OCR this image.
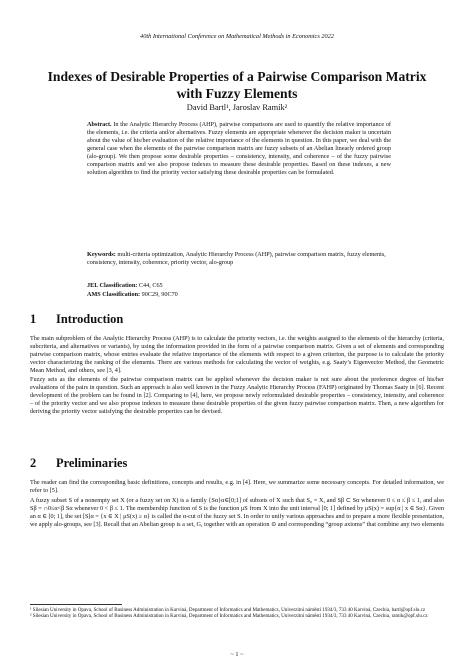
40th International Conference on Mathematical Methods in Economics 2022
Indexes of Desirable Properties of a Pairwise Comparison Matrix with Fuzzy Elements
David Bartl¹, Jaroslav Ramík²
Abstract. In the Analytic Hierarchy Process (AHP), pairwise comparisons are used to quantify the relative importance of the elements, i.e. the criteria and/or alternatives. Fuzzy elements are appropriate whenever the decision maker is uncertain about the value of his/her evaluation of the relative importance of the elements in question. In this paper, we deal with the general case when the elements of the pairwise comparison matrix are fuzzy subsets of an Abelian linearly ordered group (alo-group). We then propose some desirable properties – consistency, intensity, and coherence – of the fuzzy pairwise comparison matrix and we also propose indexes to measure these desirable properties. Based on these indexes, a new solution algorithm to find the priority vector satisfying these desirable properties can be formulated.
Keywords: multi-criteria optimization, Analytic Hierarchy Process (AHP), pairwise comparison matrix, fuzzy elements, consistency, intensity, coherence, priority vector, alo-group
JEL Classification: C44, C65
AMS Classification: 90C29, 90C70
1 Introduction
The main subproblem of the Analytic Hierarchy Process (AHP) is to calculate the priority vectors, i.e. the weights assigned to the elements of the hierarchy (criteria, subcriteria, and alternatives or variants), by using the information provided in the form of a pairwise comparison matrix. Given a set of elements and corresponding pairwise comparison matrix, whose entries evaluate the relative importance of the elements with respect to a given criterion, the purpose is to calculate the priority vector characterizing the ranking of the elements. There are various methods for calculating the vector of weights, e.g. Saaty’s Eigenvector Method, the Geometric Mean Method, and others, see [3, 4].
Fuzzy sets as the elements of the pairwise comparison matrix can be applied whenever the decision maker is not sure about the preference degree of his/her evaluations of the pairs in question. Such an approach is also well known in the Fuzzy Analytic Hierarchy Process (FAHP) originated by Thomas Saaty in [6]. Recent development of the problem can be found in [2]. Comparing to [4], here, we propose newly reformulated desirable properties – consistency, intensity, and coherence – of the priority vector and we also propose indexes to measure these desirable properties of the given fuzzy pairwise comparison matrix. Then, a new algorithm for deriving the priority vector satisfying the desirable properties can be devised.
2 Preliminaries
The reader can find the corresponding basic definitions, concepts and results, e.g. in [4]. Here, we summarize some necessary concepts. For detailed information, we refer to [5].
A fuzzy subset S of a nonempty set X (or a fuzzy set on X) is a family {Sα}α∈[0;1] of subsets of X such that S₀ = X, and Sβ ⊂ Sα whenever 0 ≤ α ≤ β ≤ 1, and also Sβ = ∩0≤α<β Sα whenever 0 < β ≤ 1. The membership function of S is the function μS from X into the unit interval [0; 1] defined by μS(x) = sup{α | x ∈ Sα}. Given an α ∈ [0; 1], the set [S]α = {x ∈ X | μS(x) ≥ α} is called the α-cut of the fuzzy set S. In order to unify various approaches and to prepare a more flexible presentation, we apply alo-groups, see [3]. Recall that an Abelian group is a set, G, together with an operation ⊙ and corresponding “group axioms” that combine any two elements
¹ Silesian University in Opava, School of Business Administration in Karviná, Department of Informatics and Mathematics, Univerzitní náměstí 1934/3, 733 40 Karviná, Czechia, bartl@opf.slu.cz
² Silesian University in Opava, School of Business Administration in Karviná, Department of Informatics and Mathematics, Univerzitní náměstí 1934/3, 733 40 Karviná, Czechia, ramik@opf.slu.cz
~ 1 ~
